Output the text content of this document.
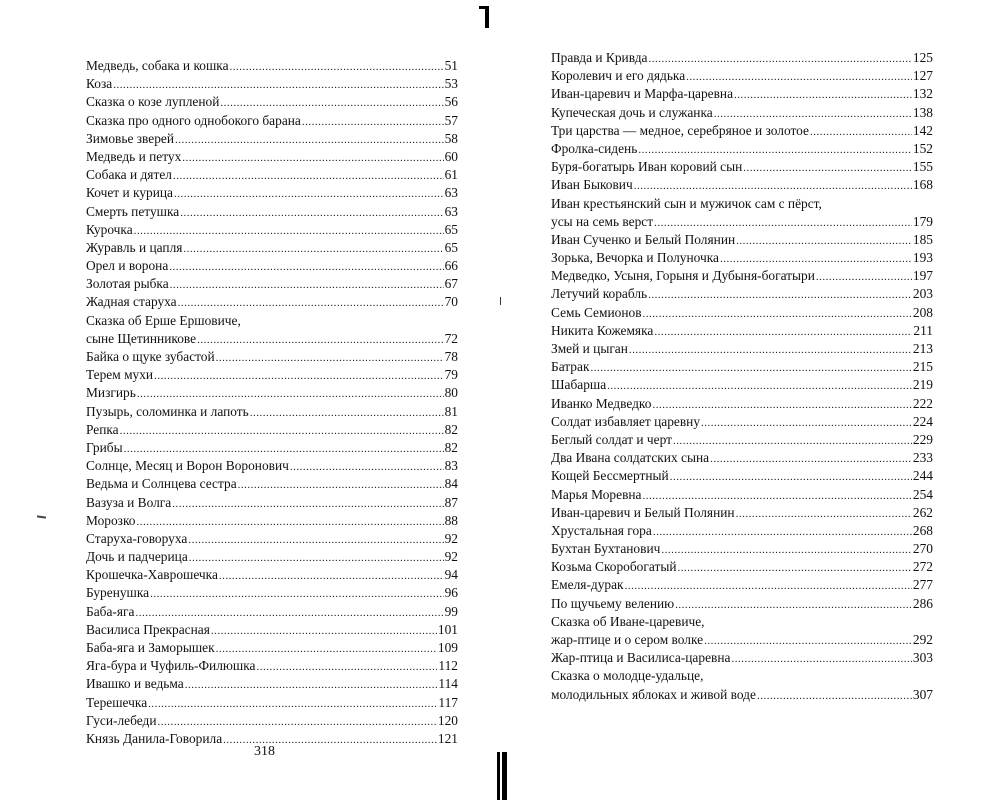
Медведь, собака и кошка .....	51
Коза .....	53
Сказка о козе лупленой .....	56
Сказка про одного однобокого барана .....	57
Зимовье зверей .....	58
Медведь и петух .....	60
Собака и дятел .....	61
Кочет и курица .....	63
Смерть петушка .....	63
Курочка .....	65
Журавль и цапля .....	65
Орел и ворона .....	66
Золотая рыбка .....	67
Жадная старуха .....	70
Сказка об Ерше Ершовиче,
сыне Щетинникове .....	72
Байка о щуке зубастой .....	78
Терем мухи .....	79
Мизгирь .....	80
Пузырь, соломинка и лапоть .....	81
Репка .....	82
Грибы .....	82
Солнце, Месяц и Ворон Воронович .....	83
Ведьма и Солнцева сестра .....	84
Вазуза и Волга .....	87
Морозко .....	88
Старуха-говоруха .....	92
Дочь и падчерица .....	92
Крошечка-Хаврошечка .....	94
Буренушка .....	96
Баба-яга .....	99
Василиса Прекрасная .....	101
Баба-яга и Заморышек .....	109
Яга-бура и Чуфиль-Филюшка .....	112
Ивашко и ведьма .....	114
Терешечка .....	117
Гуси-лебеди .....	120
Князь Данила-Говорила .....	121
318
Правда и Кривда .....	125
Королевич и его дядька .....	127
Иван-царевич и Марфа-царевна .....	132
Купеческая дочь и служанка .....	138
Три царства — медное, серебряное и золотое .....	142
Фролка-сидень .....	152
Буря-богатырь Иван коровий сын .....	155
Иван Быкович .....	168
Иван крестьянский сын и мужичок сам с пёрст,
усы на семь верст .....	179
Иван Сученко и Белый Полянин .....	185
Зорька, Вечорка и Полуночка .....	193
Медведко, Усыня, Горыня и Дубыня-богатыри .....	197
Летучий корабль .....	203
Семь Семионов .....	208
Никита Кожемяка .....	211
Змей и цыган .....	213
Батрак .....	215
Шабарша .....	219
Иванко Медведко .....	222
Солдат избавляет царевну .....	224
Беглый солдат и черт .....	229
Два Ивана солдатских сына .....	233
Кощей Бессмертный .....	244
Марья Моревна .....	254
Иван-царевич и Белый Полянин .....	262
Хрустальная гора .....	268
Бухтан Бухтанович .....	270
Козьма Скоробогатый .....	272
Емеля-дурак .....	277
По щучьему велению .....	286
Сказка об Иване-царевиче,
жар-птице и о сером волке .....	292
Жар-птица и Василиса-царевна .....	303
Сказка о молодце-удальце,
молодильных яблоках и живой воде .....	307
